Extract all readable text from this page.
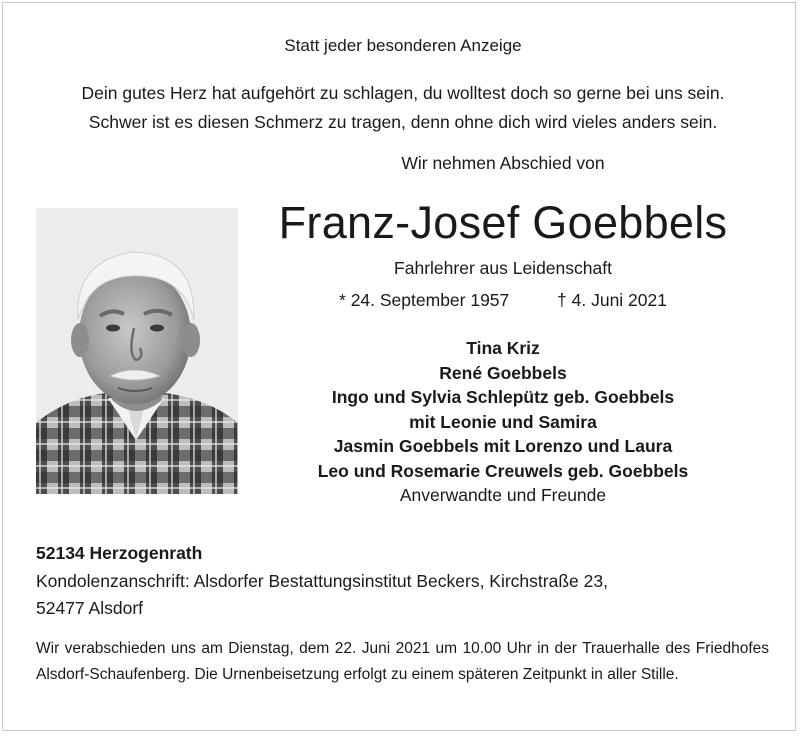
Statt jeder besonderen Anzeige
Dein gutes Herz hat aufgehört zu schlagen, du wolltest doch so gerne bei uns sein.
Schwer ist es diesen Schmerz zu tragen, denn ohne dich wird vieles anders sein.
Wir nehmen Abschied von
Franz-Josef Goebbels
Fahrlehrer aus Leidenschaft
* 24. September 1957	† 4. Juni 2021
Tina Kriz
René Goebbels
Ingo und Sylvia Schlepütz geb. Goebbels
mit Leonie und Samira
Jasmin Goebbels mit Lorenzo und Laura
Leo und Rosemarie Creuwels geb. Goebbels
Anverwandte und Freunde
52134 Herzogenrath
Kondolenzanschrift: Alsdorfer Bestattungsinstitut Beckers, Kirchstraße 23,
52477 Alsdorf
Wir verabschieden uns am Dienstag, dem 22. Juni 2021 um 10.00 Uhr in der Trauerhalle des Friedhofes Alsdorf-Schaufenberg. Die Urnenbeisetzung erfolgt zu einem späteren Zeitpunkt in aller Stille.
